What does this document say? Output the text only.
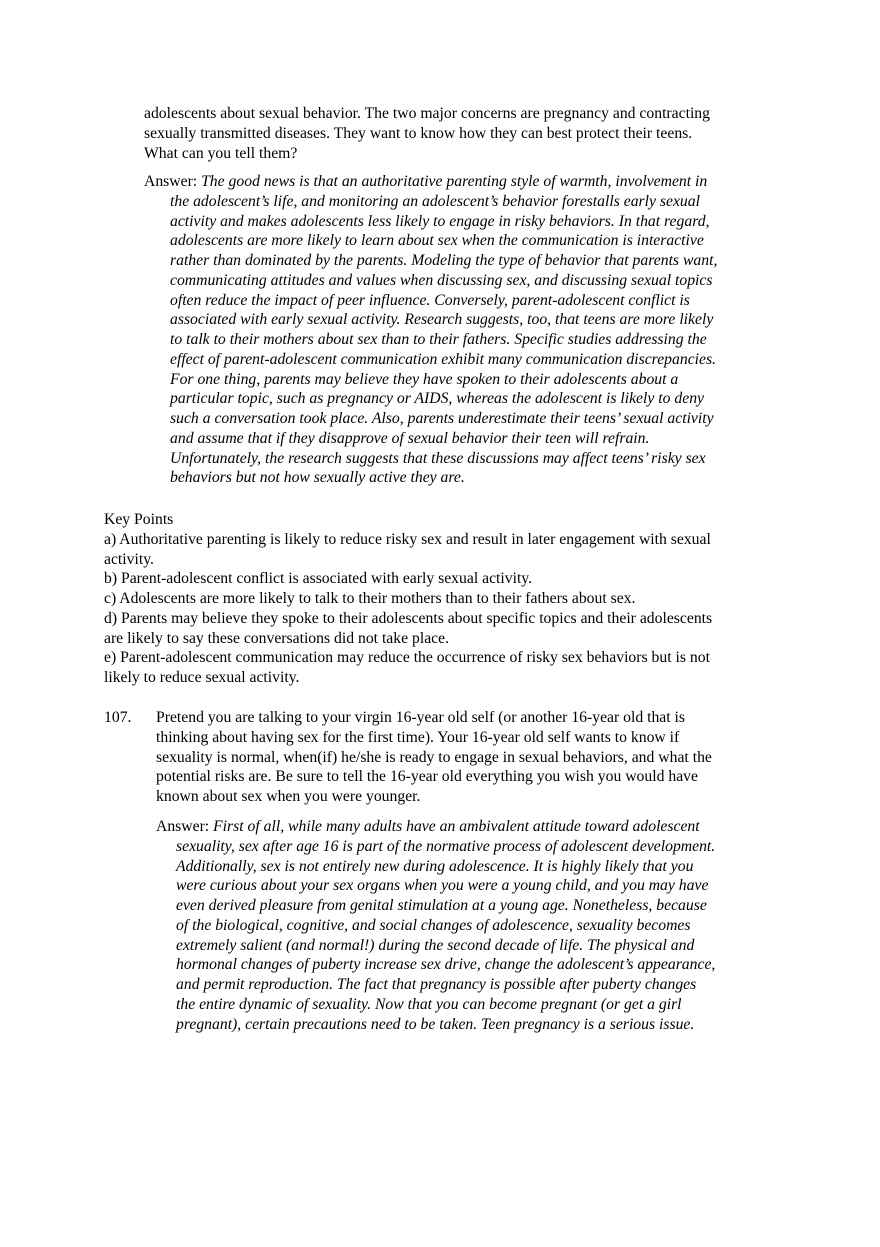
adolescents about sexual behavior. The two major concerns are pregnancy and contracting
sexually transmitted diseases. They want to know how they can best protect their teens.
What can you tell them?
Answer: The good news is that an authoritative parenting style of warmth, involvement in
the adolescent’s life, and monitoring an adolescent’s behavior forestalls early sexual
activity and makes adolescents less likely to engage in risky behaviors. In that regard,
adolescents are more likely to learn about sex when the communication is interactive
rather than dominated by the parents. Modeling the type of behavior that parents want,
communicating attitudes and values when discussing sex, and discussing sexual topics
often reduce the impact of peer influence. Conversely, parent-adolescent conflict is
associated with early sexual activity. Research suggests, too, that teens are more likely
to talk to their mothers about sex than to their fathers. Specific studies addressing the
effect of parent-adolescent communication exhibit many communication discrepancies.
For one thing, parents may believe they have spoken to their adolescents about a
particular topic, such as pregnancy or AIDS, whereas the adolescent is likely to deny
such a conversation took place. Also, parents underestimate their teens’ sexual activity
and assume that if they disapprove of sexual behavior their teen will refrain.
Unfortunately, the research suggests that these discussions may affect teens’ risky sex
behaviors but not how sexually active they are.
Key Points
a) Authoritative parenting is likely to reduce risky sex and result in later engagement with sexual
activity.
b) Parent-adolescent conflict is associated with early sexual activity.
c) Adolescents are more likely to talk to their mothers than to their fathers about sex.
d) Parents may believe they spoke to their adolescents about specific topics and their adolescents
are likely to say these conversations did not take place.
e) Parent-adolescent communication may reduce the occurrence of risky sex behaviors but is not
likely to reduce sexual activity.
107. Pretend you are talking to your virgin 16-year old self (or another 16-year old that is
thinking about having sex for the first time). Your 16-year old self wants to know if
sexuality is normal, when(if) he/she is ready to engage in sexual behaviors, and what the
potential risks are. Be sure to tell the 16-year old everything you wish you would have
known about sex when you were younger.
Answer: First of all, while many adults have an ambivalent attitude toward adolescent
sexuality, sex after age 16 is part of the normative process of adolescent development.
Additionally, sex is not entirely new during adolescence. It is highly likely that you
were curious about your sex organs when you were a young child, and you may have
even derived pleasure from genital stimulation at a young age. Nonetheless, because
of the biological, cognitive, and social changes of adolescence, sexuality becomes
extremely salient (and normal!) during the second decade of life. The physical and
hormonal changes of puberty increase sex drive, change the adolescent’s appearance,
and permit reproduction. The fact that pregnancy is possible after puberty changes
the entire dynamic of sexuality. Now that you can become pregnant (or get a girl
pregnant), certain precautions need to be taken. Teen pregnancy is a serious issue.
